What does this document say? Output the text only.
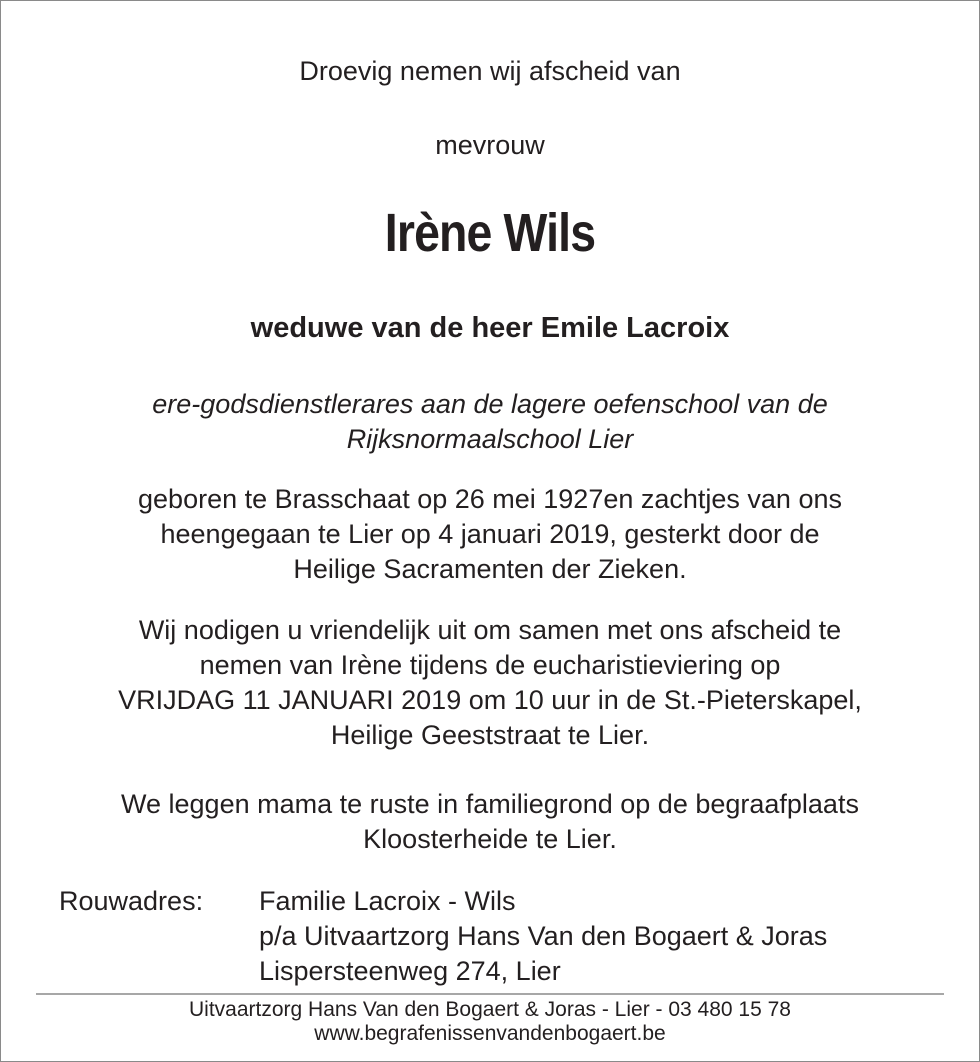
Droevig nemen wij afscheid van
mevrouw
Irène Wils
weduwe van de heer Emile Lacroix
ere-godsdienstlerares aan de lagere oefenschool van de
Rijksnormaalschool Lier
geboren te Brasschaat op 26 mei 1927en zachtjes van ons
heengegaan te Lier op 4 januari 2019, gesterkt door de
Heilige Sacramenten der Zieken.
Wij nodigen u vriendelijk uit om samen met ons afscheid te
nemen van Irène tijdens de eucharistieviering op
VRIJDAG 11 JANUARI 2019 om 10 uur in de St.-Pieterskapel,
Heilige Geeststraat te Lier.
We leggen mama te ruste in familiegrond op de begraafplaats
Kloosterheide te Lier.
Rouwadres: Familie Lacroix - Wils
p/a Uitvaartzorg Hans Van den Bogaert & Joras
Lispersteenweg 274, Lier
Uitvaartzorg Hans Van den Bogaert & Joras - Lier - 03 480 15 78
www.begrafenissenvandenbogaert.be
